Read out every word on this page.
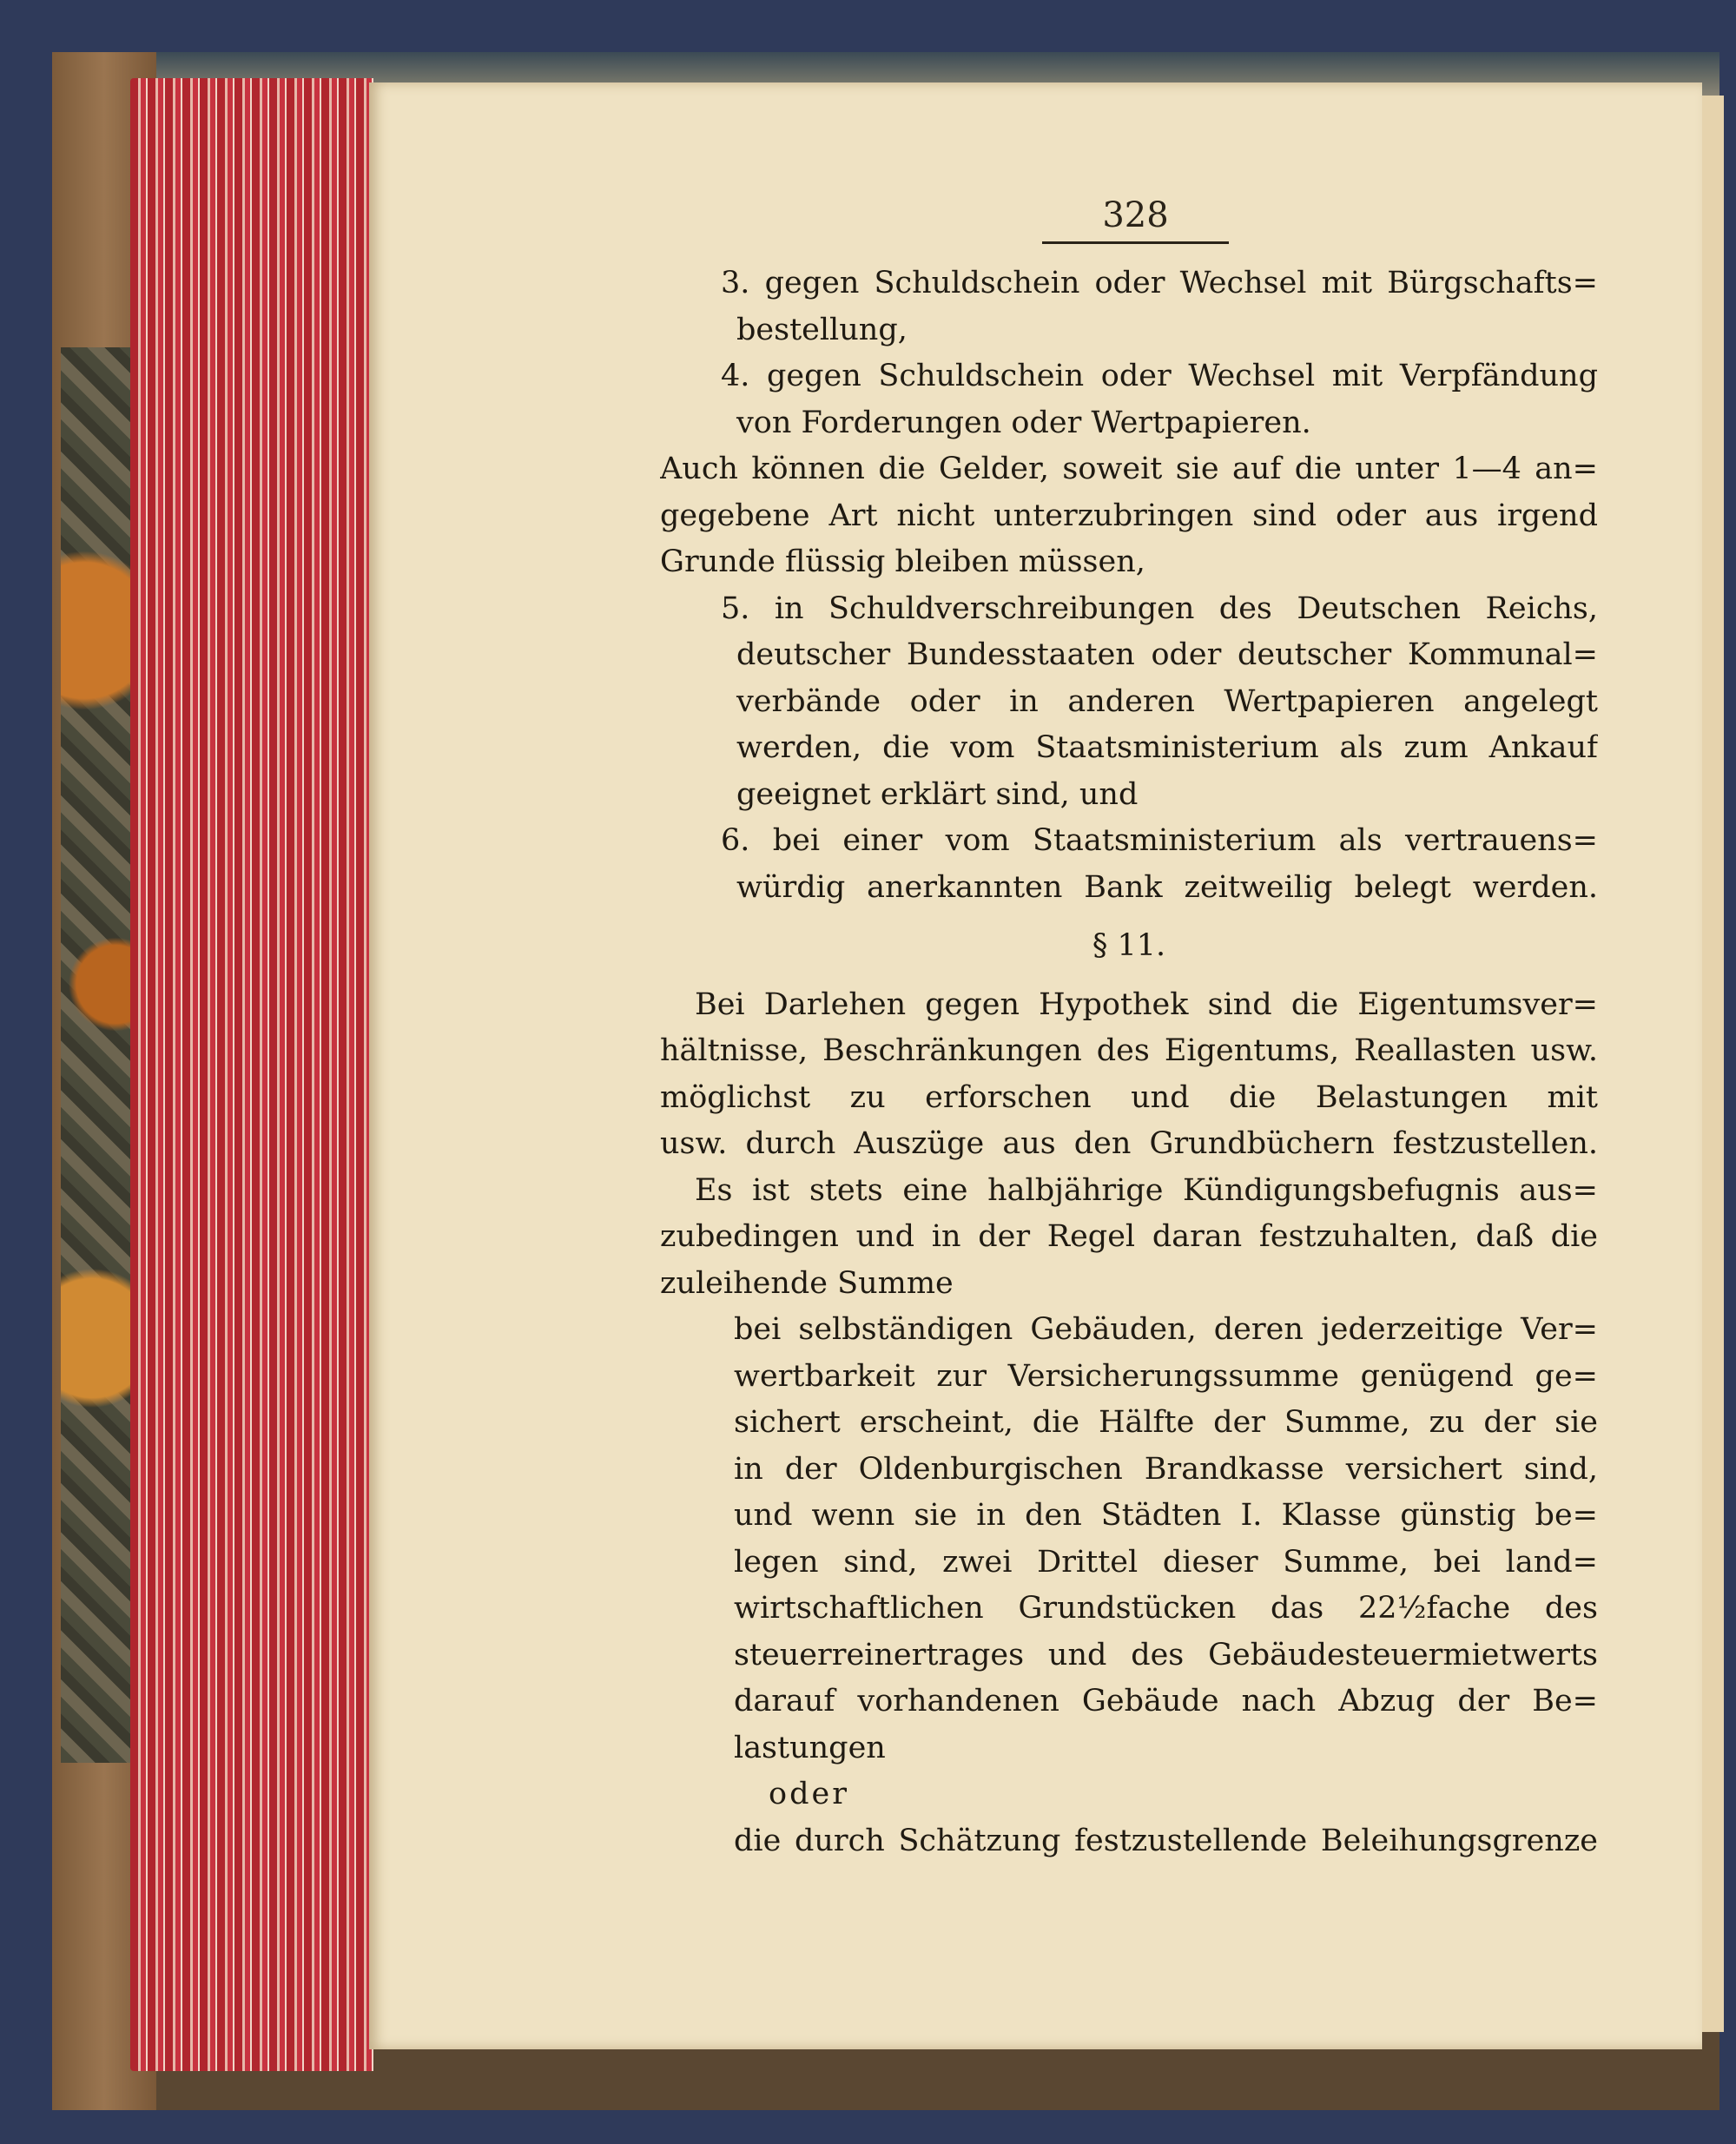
328
3. gegen Schuldschein oder Wechsel mit Bürgschafts=
bestellung,
4. gegen Schuldschein oder Wechsel mit Verpfändung
von Forderungen oder Wertpapieren.
Auch können die Gelder, soweit sie auf die unter 1—4 an=
gegebene Art nicht unterzubringen sind oder aus irgend
Grunde flüssig bleiben müssen,
5. in Schuldverschreibungen des Deutschen Reichs,
deutscher Bundesstaaten oder deutscher Kommunal=
verbände oder in anderen Wertpapieren angelegt
werden, die vom Staatsministerium als zum Ankauf
geeignet erklärt sind, und
6. bei einer vom Staatsministerium als vertrauens=
würdig anerkannten Bank zeitweilig belegt werden.
§ 11.
Bei Darlehen gegen Hypothek sind die Eigentumsver=
hältnisse, Beschränkungen des Eigentums, Reallasten usw.
möglichst zu erforschen und die Belastungen mit
usw. durch Auszüge aus den Grundbüchern festzustellen.
Es ist stets eine halbjährige Kündigungsbefugnis aus=
zubedingen und in der Regel daran festzuhalten, daß die
zuleihende Summe
bei selbständigen Gebäuden, deren jederzeitige Ver=
wertbarkeit zur Versicherungssumme genügend ge=
sichert erscheint, die Hälfte der Summe, zu der sie
in der Oldenburgischen Brandkasse versichert sind,
und wenn sie in den Städten I. Klasse günstig be=
legen sind, zwei Drittel dieser Summe, bei land=
wirtschaftlichen Grundstücken das 22½fache des
steuerreinertrages und des Gebäudesteuermietwerts
darauf vorhandenen Gebäude nach Abzug der Be=
lastungen
oder
die durch Schätzung festzustellende Beleihungsgrenze
